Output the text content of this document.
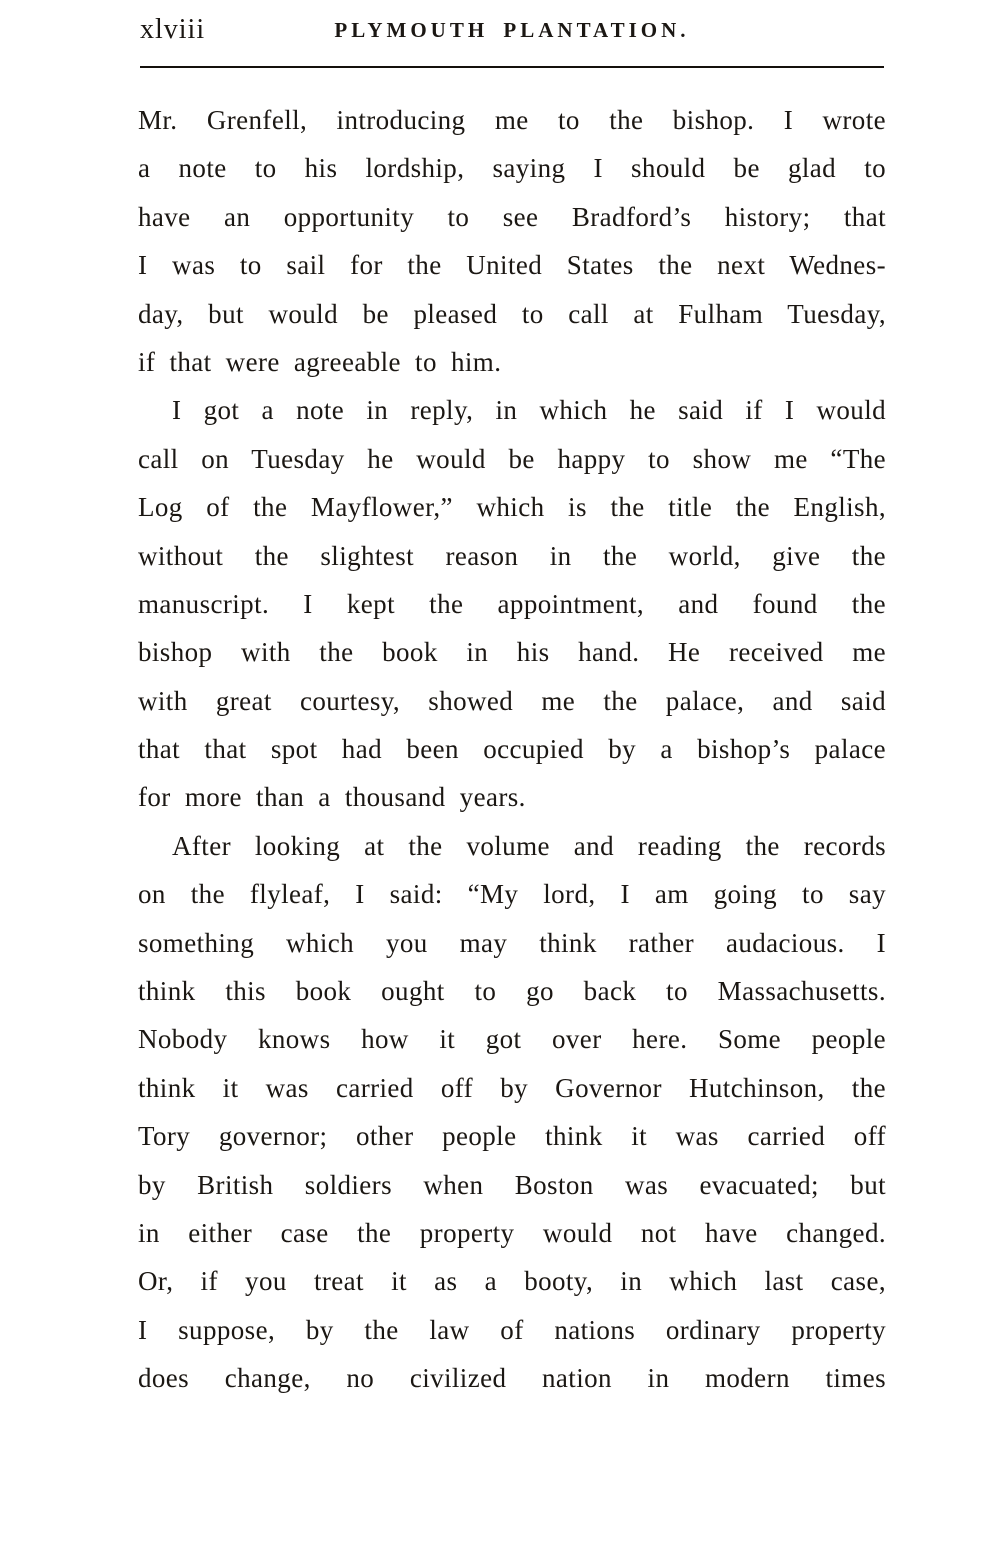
xlviii	PLYMOUTH PLANTATION.
Mr. Grenfell, introducing me to the bishop. I wrote
a note to his lordship, saying I should be glad to
have an opportunity to see Bradford’s history; that
I was to sail for the United States the next Wednes-
day, but would be pleased to call at Fulham Tuesday,
if that were agreeable to him.
I got a note in reply, in which he said if I would
call on Tuesday he would be happy to show me “The
Log of the Mayflower,” which is the title the English,
without the slightest reason in the world, give the
manuscript. I kept the appointment, and found the
bishop with the book in his hand. He received me
with great courtesy, showed me the palace, and said
that that spot had been occupied by a bishop’s palace
for more than a thousand years.
After looking at the volume and reading the records
on the flyleaf, I said: “My lord, I am going to say
something which you may think rather audacious. I
think this book ought to go back to Massachusetts.
Nobody knows how it got over here. Some people
think it was carried off by Governor Hutchinson, the
Tory governor; other people think it was carried off
by British soldiers when Boston was evacuated; but
in either case the property would not have changed.
Or, if you treat it as a booty, in which last case,
I suppose, by the law of nations ordinary property
does change, no civilized nation in modern times
